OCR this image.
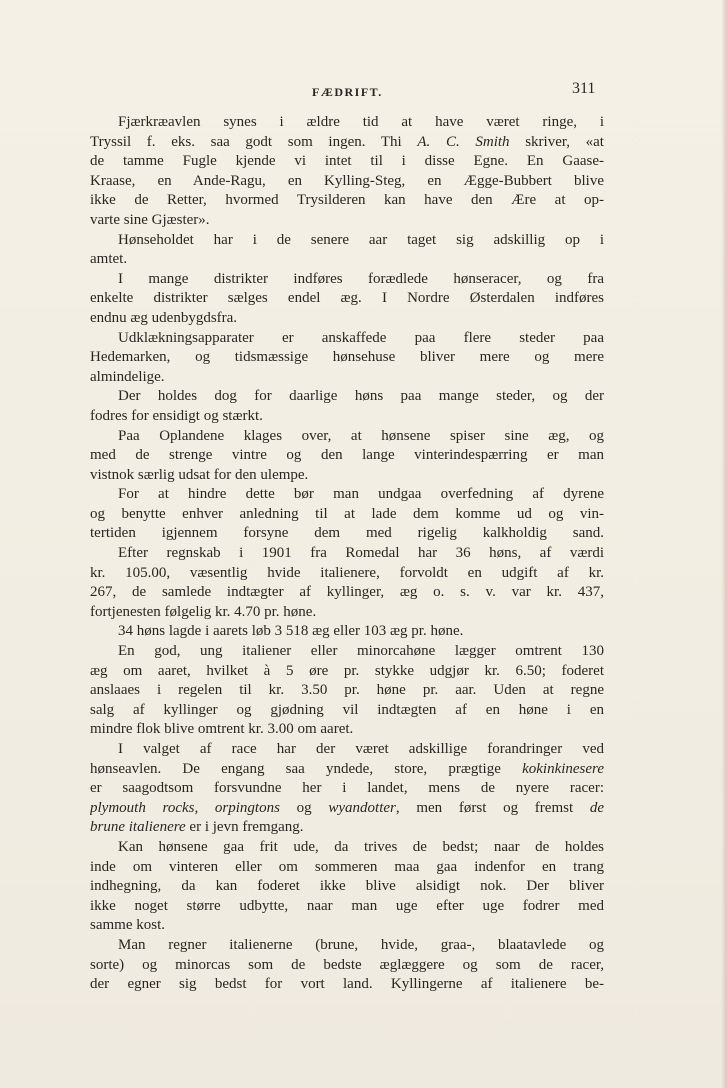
FÆDRIFT.	311
Fjærkræavlen synes i ældre tid at have været ringe, i
Tryssil f. eks. saa godt som ingen. Thi A. C. Smith skriver, «at
de tamme Fugle kjende vi intet til i disse Egne. En Gaase-
Kraase, en Ande-Ragu, en Kylling-Steg, en Ægge-Bubbert blive
ikke de Retter, hvormed Trysilderen kan have den Ære at op-
varte sine Gjæster».
Hønseholdet har i de senere aar taget sig adskillig op i
amtet.
I mange distrikter indføres forædlede hønseracer, og fra
enkelte distrikter sælges endel æg. I Nordre Østerdalen indføres
endnu æg udenbygdsfra.
Udklækningsapparater er anskaffede paa flere steder paa
Hedemarken, og tidsmæssige hønsehuse bliver mere og mere
almindelige.
Der holdes dog for daarlige høns paa mange steder, og der
fodres for ensidigt og stærkt.
Paa Oplandene klages over, at hønsene spiser sine æg, og
med de strenge vintre og den lange vinterindespærring er man
vistnok særlig udsat for den ulempe.
For at hindre dette bør man undgaa overfedning af dyrene
og benytte enhver anledning til at lade dem komme ud og vin-
tertiden igjennem forsyne dem med rigelig kalkholdig sand.
Efter regnskab i 1901 fra Romedal har 36 høns, af værdi
kr. 105.00, væsentlig hvide italienere, forvoldt en udgift af kr.
267, de samlede indtægter af kyllinger, æg o. s. v. var kr. 437,
fortjenesten følgelig kr. 4.70 pr. høne.
34 høns lagde i aarets løb 3 518 æg eller 103 æg pr. høne.
En god, ung italiener eller minorcahøne lægger omtrent 130
æg om aaret, hvilket à 5 øre pr. stykke udgjør kr. 6.50; foderet
anslaaes i regelen til kr. 3.50 pr. høne pr. aar. Uden at regne
salg af kyllinger og gjødning vil indtægten af en høne i en
mindre flok blive omtrent kr. 3.00 om aaret.
I valget af race har der været adskillige forandringer ved
hønseavlen. De engang saa yndede, store, prægtige kokinkinesere
er saagodtsom forsvundne her i landet, mens de nyere racer:
plymouth rocks, orpingtons og wyandotter, men først og fremst de
brune italienere er i jevn fremgang.
Kan hønsene gaa frit ude, da trives de bedst; naar de holdes
inde om vinteren eller om sommeren maa gaa indenfor en trang
indhegning, da kan foderet ikke blive alsidigt nok. Der bliver
ikke noget større udbytte, naar man uge efter uge fodrer med
samme kost.
Man regner italienerne (brune, hvide, graa-, blaatavlede og
sorte) og minorcas som de bedste æglæggere og som de racer,
der egner sig bedst for vort land. Kyllingerne af italienere be-
